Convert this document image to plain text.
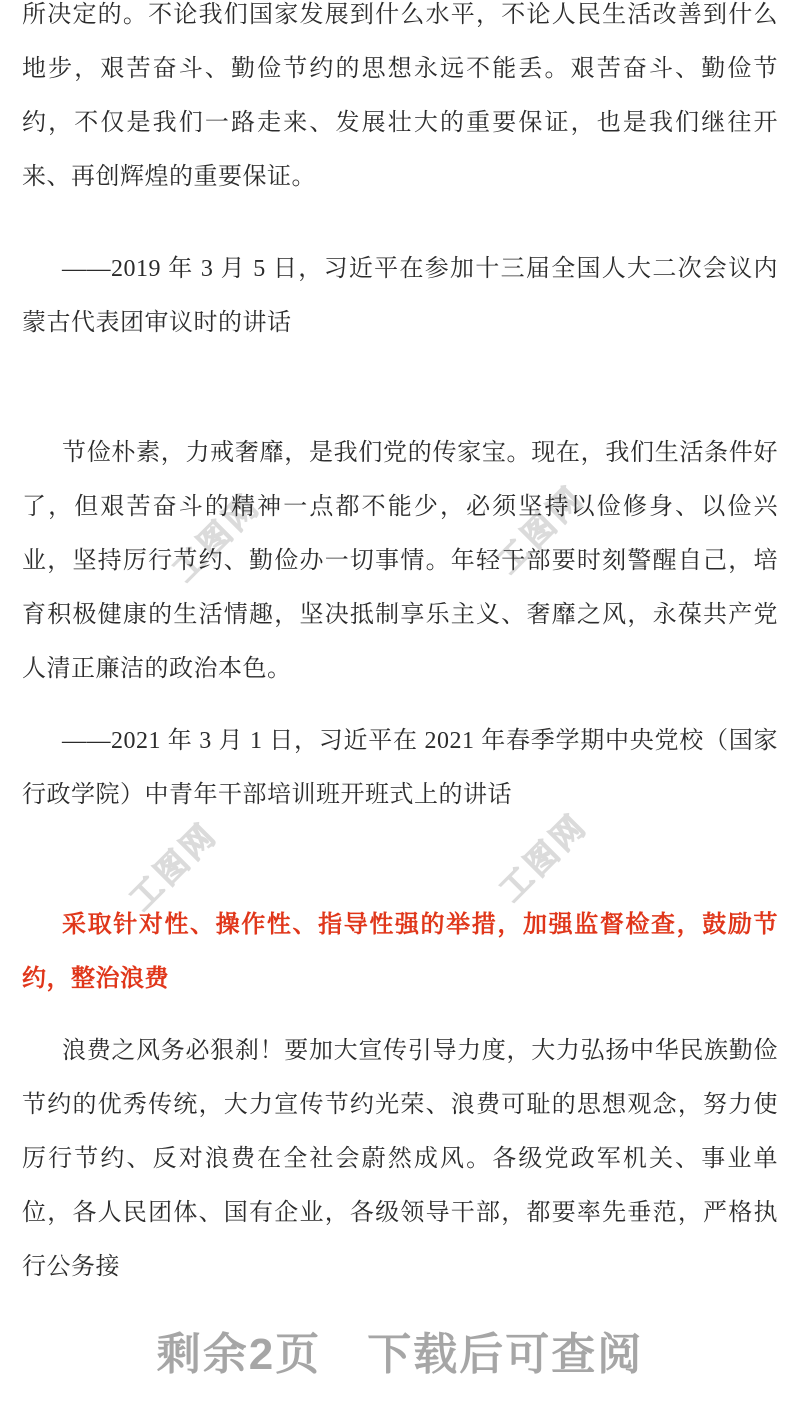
工图网	工图网
工图网	工图网

所决定的。不论我们国家发展到什么水平，不论人民生活改善到什么地步，艰苦奋斗、勤俭节约的思想永远不能丢。艰苦奋斗、勤俭节约，不仅是我们一路走来、发展壮大的重要保证，也是我们继往开来、再创辉煌的重要保证。

——2019 年 3 月 5 日，习近平在参加十三届全国人大二次会议内蒙古代表团审议时的讲话

节俭朴素，力戒奢靡，是我们党的传家宝。现在，我们生活条件好了，但艰苦奋斗的精神一点都不能少，必须坚持以俭修身、以俭兴业，坚持厉行节约、勤俭办一切事情。年轻干部要时刻警醒自己，培育积极健康的生活情趣，坚决抵制享乐主义、奢靡之风，永葆共产党人清正廉洁的政治本色。

——2021 年 3 月 1 日，习近平在 2021 年春季学期中央党校（国家行政学院）中青年干部培训班开班式上的讲话

采取针对性、操作性、指导性强的举措，加强监督检查，鼓励节约，整治浪费

浪费之风务必狠刹！要加大宣传引导力度，大力弘扬中华民族勤俭节约的优秀传统，大力宣传节约光荣、浪费可耻的思想观念，努力使厉行节约、反对浪费在全社会蔚然成风。各级党政军机关、事业单位，各人民团体、国有企业，各级领导干部，都要率先垂范，严格执行公务接

剩余2页 下载后可查阅
